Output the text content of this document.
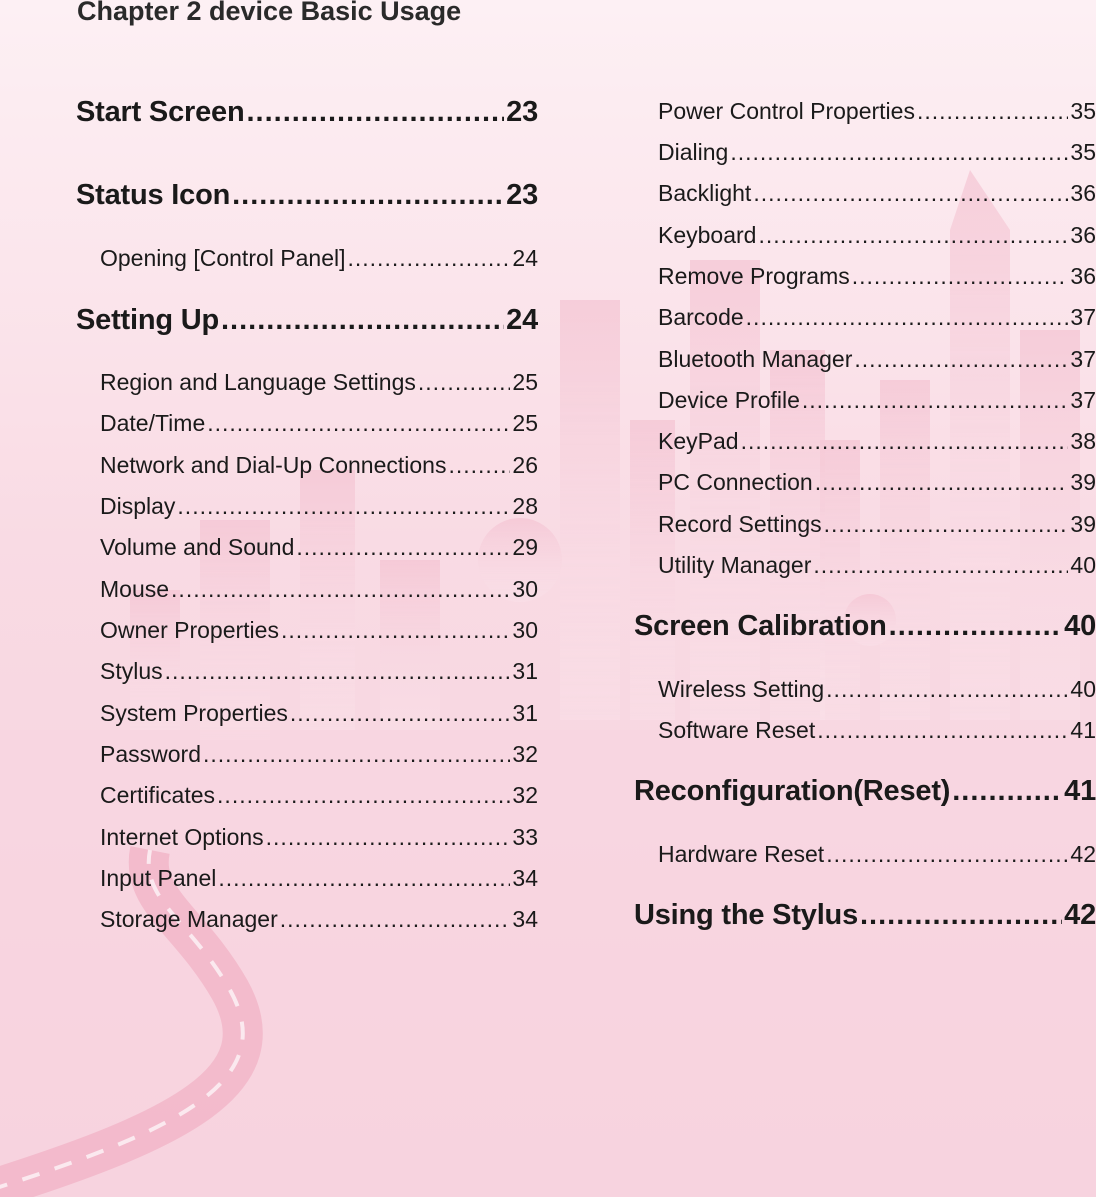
Chapter 2 device Basic Usage
Start Screen .....	23
Status Icon .....	23
Opening [Control Panel] .....	24
Setting Up .....	24
Region and Language Settings .....	25
Date/Time .....	25
Network and Dial-Up Connections .....	26
Display .....	28
Volume and Sound .....	29
Mouse .....	30
Owner Properties .....	30
Stylus .....	31
System Properties .....	31
Password .....	32
Certificates .....	32
Internet Options .....	33
Input Panel .....	34
Storage Manager .....	34
Power Control Properties .....	35
Dialing .....	35
Backlight .....	36
Keyboard .....	36
Remove Programs .....	36
Barcode .....	37
Bluetooth Manager .....	37
Device Profile .....	37
KeyPad .....	38
PC Connection .....	39
Record Settings .....	39
Utility Manager .....	40
Screen Calibration .....	40
Wireless Setting .....	40
Software Reset .....	41
Reconfiguration(Reset) .....	41
Hardware Reset .....	42
Using the Stylus .....	42
